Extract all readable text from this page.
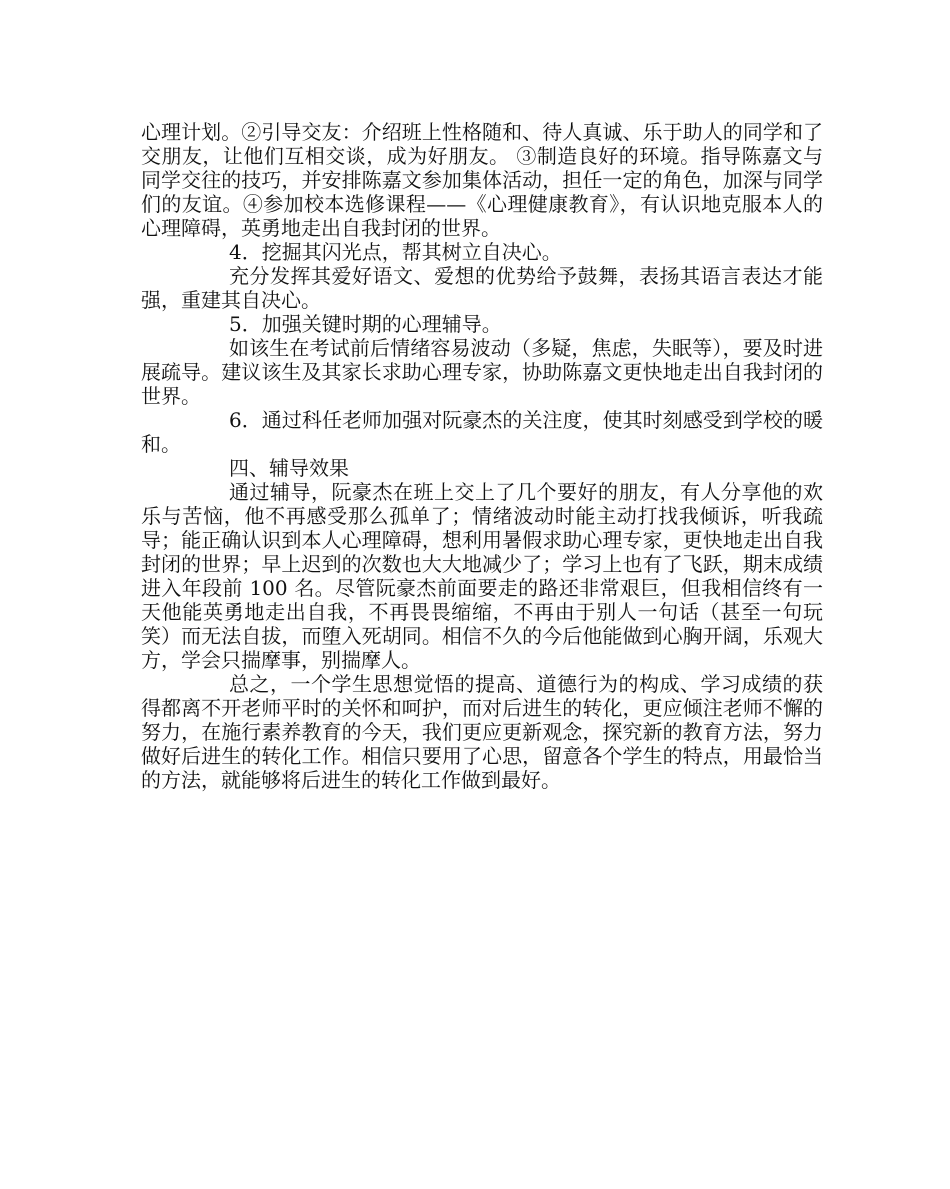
心理计划。②引导交友：介绍班上性格随和、待人真诚、乐于助人的同学和了交朋友，让他们互相交谈，成为好朋友。 ③制造良好的环境。指导陈嘉文与同学交往的技巧，并安排陈嘉文参加集体活动，担任一定的角色，加深与同学们的友谊。④参加校本选修课程——《心理健康教育》，有认识地克服本人的心理障碍，英勇地走出自我封闭的世界。

4．挖掘其闪光点，帮其树立自决心。

充分发挥其爱好语文、爱想的优势给予鼓舞，表扬其语言表达才能强，重建其自决心。

5．加强关键时期的心理辅导。

如该生在考试前后情绪容易波动（多疑，焦虑，失眠等），要及时进展疏导。建议该生及其家长求助心理专家，协助陈嘉文更快地走出自我封闭的世界。

6．通过科任老师加强对阮豪杰的关注度，使其时刻感受到学校的暖和。

四、辅导效果

通过辅导，阮豪杰在班上交上了几个要好的朋友，有人分享他的欢乐与苦恼，他不再感受那么孤单了；情绪波动时能主动打找我倾诉，听我疏导；能正确认识到本人心理障碍，想利用暑假求助心理专家，更快地走出自我封闭的世界；早上迟到的次数也大大地减少了；学习上也有了飞跃，期末成绩进入年段前 100 名。尽管阮豪杰前面要走的路还非常艰巨，但我相信终有一天他能英勇地走出自我，不再畏畏缩缩，不再由于别人一句话（甚至一句玩笑）而无法自拔，而堕入死胡同。相信不久的今后他能做到心胸开阔，乐观大方，学会只揣摩事，别揣摩人。

总之，一个学生思想觉悟的提高、道德行为的构成、学习成绩的获得都离不开老师平时的关怀和呵护，而对后进生的转化，更应倾注老师不懈的努力，在施行素养教育的今天，我们更应更新观念，探究新的教育方法，努力做好后进生的转化工作。相信只要用了心思，留意各个学生的特点，用最恰当的方法，就能够将后进生的转化工作做到最好。
